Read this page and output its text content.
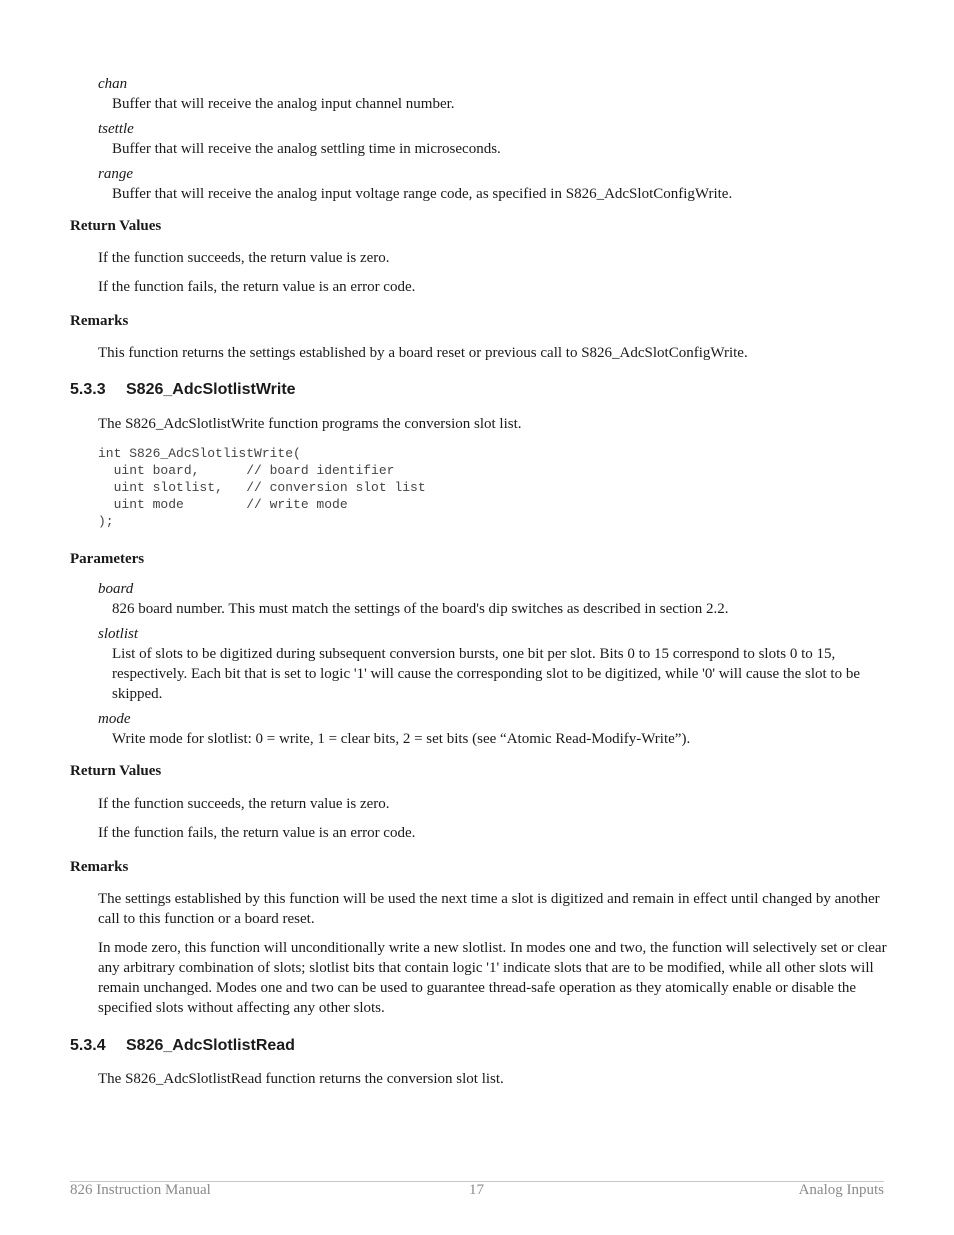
chan
Buffer that will receive the analog input channel number.
tsettle
Buffer that will receive the analog settling time in microseconds.
range
Buffer that will receive the analog input voltage range code, as specified in S826_AdcSlotConfigWrite.
Return Values
If the function succeeds, the return value is zero.
If the function fails, the return value is an error code.
Remarks
This function returns the settings established by a board reset or previous call to S826_AdcSlotConfigWrite.
5.3.3 S826_AdcSlotlistWrite
The S826_AdcSlotlistWrite function programs the conversion slot list.
int S826_AdcSlotlistWrite(
uint board,      // board identifier
uint slotlist,   // conversion slot list
uint mode        // write mode
);
Parameters
board
826 board number. This must match the settings of the board's dip switches as described in section 2.2.
slotlist
List of slots to be digitized during subsequent conversion bursts, one bit per slot. Bits 0 to 15 correspond to slots 0 to 15, respectively. Each bit that is set to logic '1' will cause the corresponding slot to be digitized, while '0' will cause the slot to be skipped.
mode
Write mode for slotlist: 0 = write, 1 = clear bits, 2 = set bits (see “Atomic Read-Modify-Write”).
Return Values
If the function succeeds, the return value is zero.
If the function fails, the return value is an error code.
Remarks
The settings established by this function will be used the next time a slot is digitized and remain in effect until changed by another call to this function or a board reset.
In mode zero, this function will unconditionally write a new slotlist. In modes one and two, the function will selectively set or clear any arbitrary combination of slots; slotlist bits that contain logic '1' indicate slots that are to be modified, while all other slots will remain unchanged. Modes one and two can be used to guarantee thread-safe operation as they atomically enable or disable the specified slots without affecting any other slots.
5.3.4 S826_AdcSlotlistRead
The S826_AdcSlotlistRead function returns the conversion slot list.
826 Instruction Manual	17	Analog Inputs
